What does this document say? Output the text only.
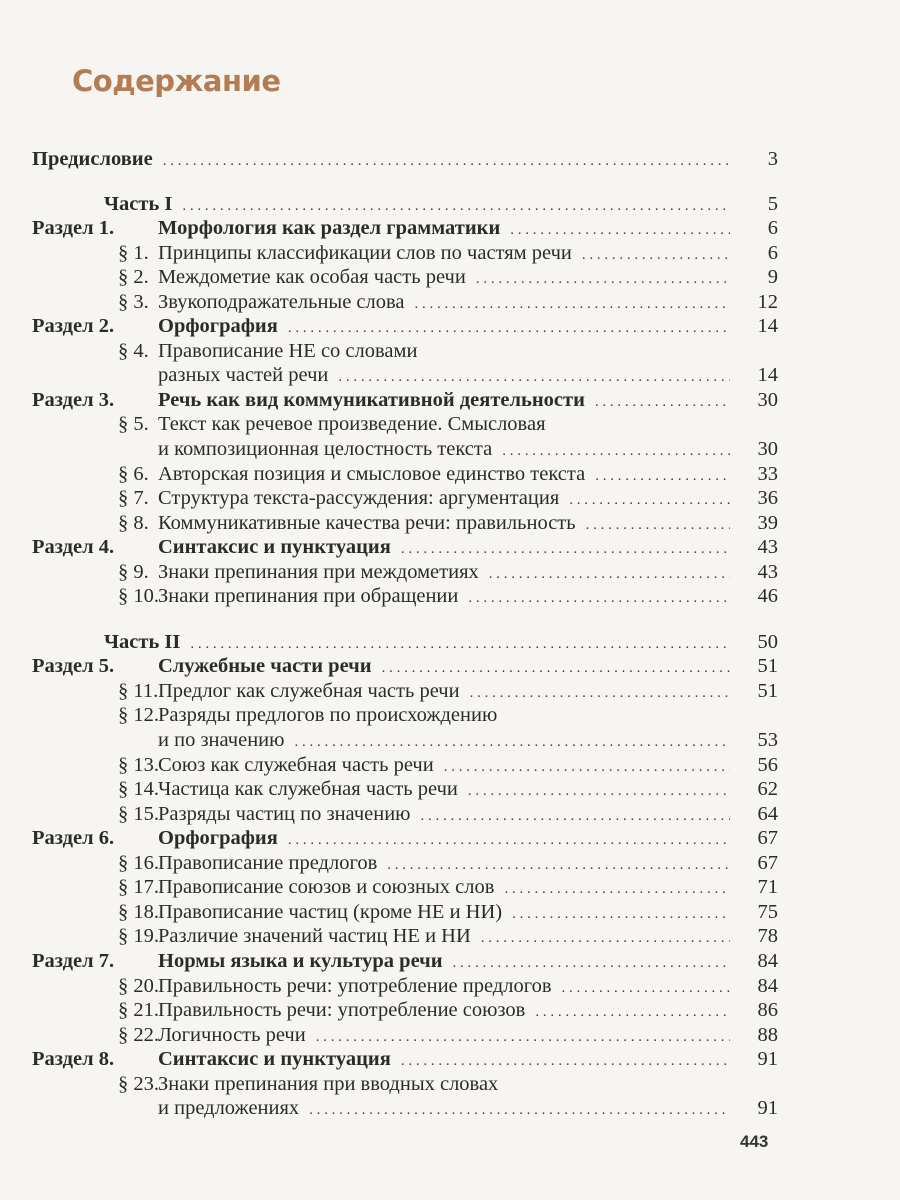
Содержание
Предисловие . . .	3
Часть I . . .	5
Раздел 1.	Морфология как раздел грамматики . . .	6
§ 1. Принципы классификации слов по частям речи . . .	6
§ 2. Междометие как особая часть речи . . .	9
§ 3. Звукоподражательные слова . . .	12
Раздел 2.	Орфография . . .	14
§ 4. Правописание НЕ со словами
разных частей речи . . .	14
Раздел 3.	Речь как вид коммуникативной деятельности . . .	30
§ 5. Текст как речевое произведение. Смысловая
и композиционная целостность текста . . .	30
§ 6. Авторская позиция и смысловое единство текста . . .	33
§ 7. Структура текста-рассуждения: аргументация . . .	36
§ 8. Коммуникативные качества речи: правильность . . .	39
Раздел 4.	Синтаксис и пунктуация . . .	43
§ 9. Знаки препинания при междометиях . . .	43
§ 10. Знаки препинания при обращении . . .	46
Часть II . . .	50
Раздел 5.	Служебные части речи . . .	51
§ 11. Предлог как служебная часть речи . . .	51
§ 12. Разряды предлогов по происхождению
и по значению . . .	53
§ 13. Союз как служебная часть речи . . .	56
§ 14. Частица как служебная часть речи . . .	62
§ 15. Разряды частиц по значению . . .	64
Раздел 6.	Орфография . . .	67
§ 16. Правописание предлогов . . .	67
§ 17. Правописание союзов и союзных слов . . .	71
§ 18. Правописание частиц (кроме НЕ и НИ) . . .	75
§ 19. Различие значений частиц НЕ и НИ . . .	78
Раздел 7.	Нормы языка и культура речи . . .	84
§ 20. Правильность речи: употребление предлогов . . .	84
§ 21. Правильность речи: употребление союзов . . .	86
§ 22. Логичность речи . . .	88
Раздел 8.	Синтаксис и пунктуация . . .	91
§ 23. Знаки препинания при вводных словах
и предложениях . . .	91
443
